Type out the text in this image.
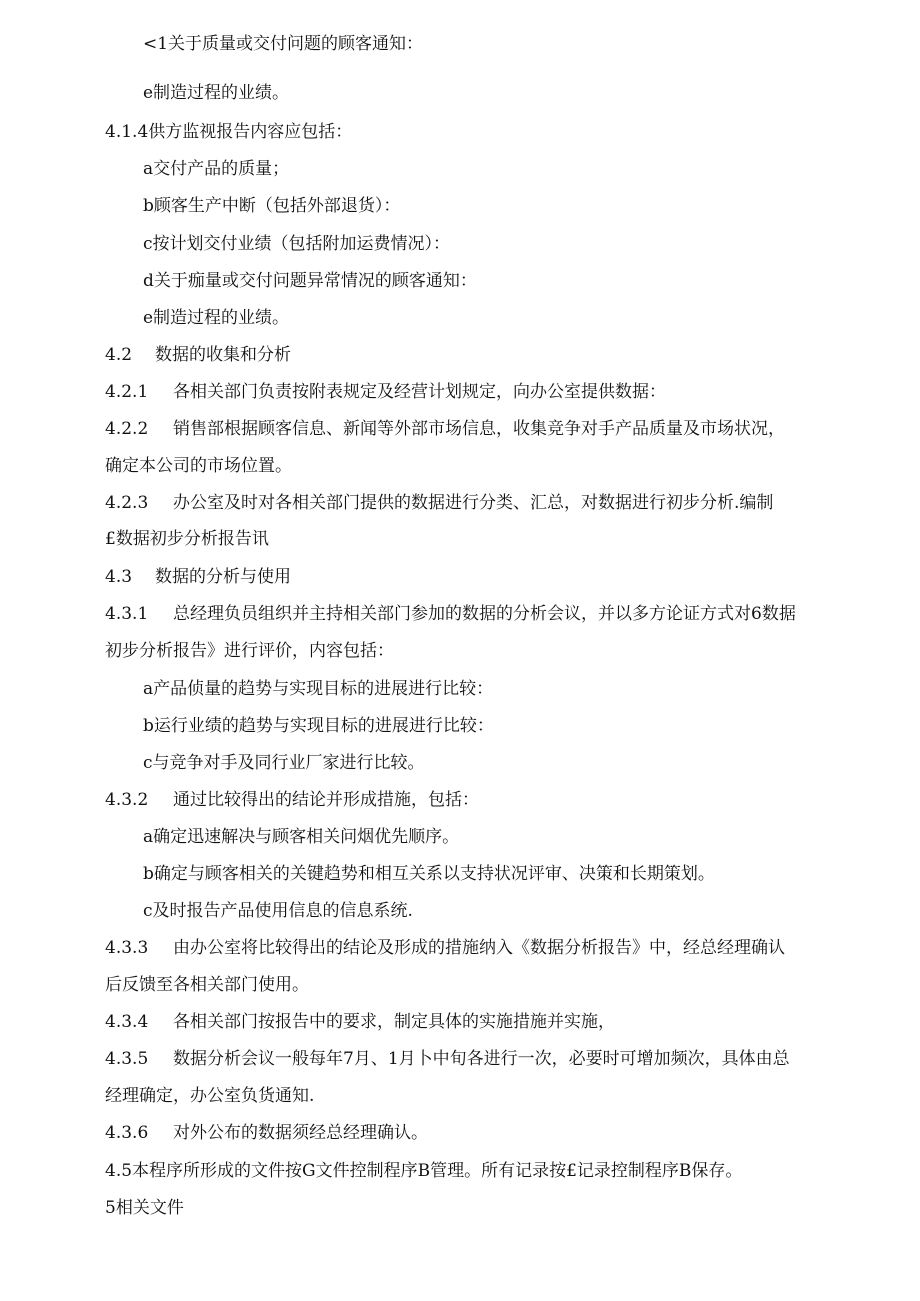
<1关于质量或交付问题的顾客通知：
e制造过程的业绩。
4.1.4供方监视报告内容应包括：
a交付产品的质量；
b顾客生产中断（包括外部退货）：
c按计划交付业绩（包括附加运费情况）：
d关于痂量或交付问题异常情况的顾客通知：
e制造过程的业绩。
4.2 数据的收集和分析
4.2.1 各相关部门负责按附表规定及经营计划规定，向办公室提供数据：
4.2.2 销售部根据顾客信息、新闻等外部市场信息，收集竞争对手产品质量及市场状况，
确定本公司的市场位置。
4.2.3 办公室及时对各相关部门提供的数据进行分类、汇总，对数据进行初步分析.编制
£数据初步分析报告讯
4.3 数据的分析与使用
4.3.1 总经理负员组织并主持相关部门参加的数据的分析会议，并以多方论证方式对6数据
初步分析报告》进行评价，内容包括：
a产品侦量的趋势与实现目标的进展进行比较：
b运行业绩的趋势与实现目标的进展进行比较：
c与竞争对手及同行业厂家进行比较。
4.3.2 通过比较得出的结论并形成措施，包括：
a确定迅速解决与顾客相关问烟优先顺序。
b确定与顾客相关的关键趋势和相互关系以支持状况评审、决策和长期策划。
c及时报告产品使用信息的信息系统.
4.3.3 由办公室将比较得出的结论及形成的措施纳入《数据分析报告》中，经总经理确认
后反馈至各相关部门使用。
4.3.4 各相关部门按报告中的要求，制定具体的实施措施并实施，
4.3.5 数据分析会议一般每年7月、1月卜中旬各进行一次，必要时可增加频次，具体由总
经理确定，办公室负货通知.
4.3.6 对外公布的数据须经总经理确认。
4.5本程序所形成的文件按G文件控制程序B管理。所有记录按£记录控制程序B保存。
5相关文件
